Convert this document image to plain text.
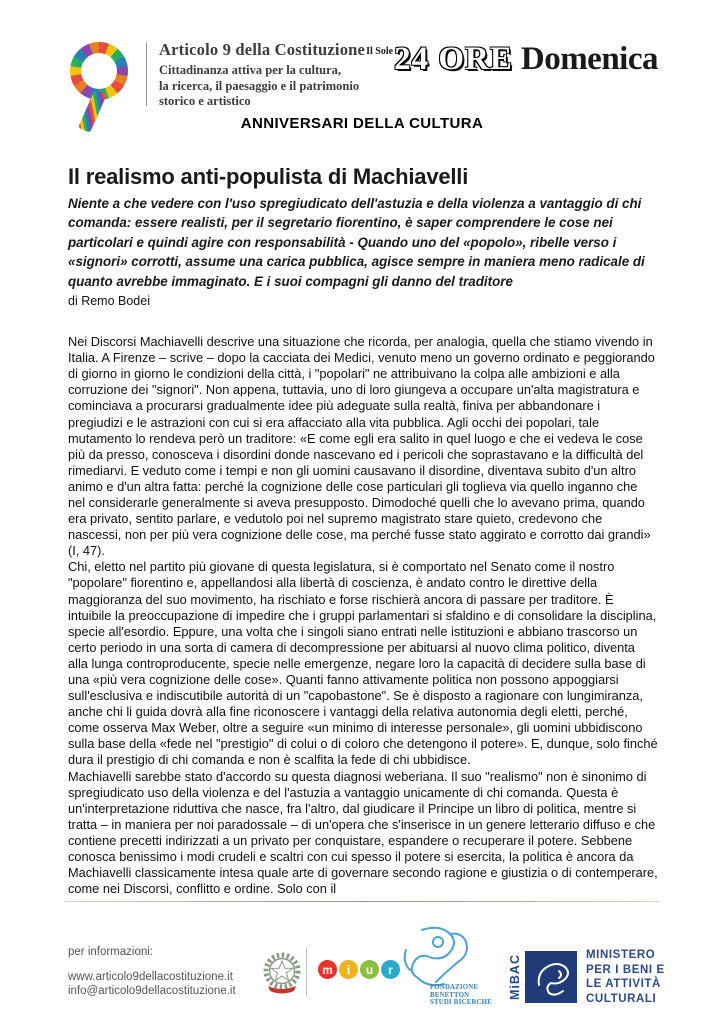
Articolo 9 della Costituzione
Cittadinanza attiva per la cultura,
la ricerca, il paesaggio e il patrimonio
storico e artistico
Il Sole 24 ORE Domenica
ANNIVERSARI DELLA CULTURA
Il realismo anti-populista di Machiavelli
Niente a che vedere con l'uso spregiudicato dell'astuzia e della violenza a vantaggio di chi comanda: essere realisti, per il segretario fiorentino, è saper comprendere le cose nei particolari e quindi agire con responsabilità - Quando uno del «popolo», ribelle verso i «signori» corrotti, assume una carica pubblica, agisce sempre in maniera meno radicale di quanto avrebbe immaginato. E i suoi compagni gli danno del traditore
di Remo Bodei

Nei Discorsi Machiavelli descrive una situazione che ricorda, per analogia, quella che stiamo vivendo in Italia. A Firenze – scrive – dopo la cacciata dei Medici, venuto meno un governo ordinato e peggiorando di giorno in giorno le condizioni della città, i "popolari" ne attribuivano la colpa alle ambizioni e alla corruzione dei "signori". Non appena, tuttavia, uno di loro giungeva a occupare un'alta magistratura e cominciava a procurarsi gradualmente idee più adeguate sulla realtà, finiva per abbandonare i pregiudizi e le astrazioni con cui si era affacciato alla vita pubblica. Agli occhi dei popolari, tale mutamento lo rendeva però un traditore: «E come egli era salito in quel luogo e che ei vedeva le cose più da presso, conosceva i disordini donde nascevano ed i pericoli che soprastavano e la difficultà del rimediarvi. E veduto come i tempi e non gli uomini causavano il disordine, diventava subito d'un altro animo e d'un altra fatta: perché la cognizione delle cose particulari gli toglieva via quello inganno che nel considerarle generalmente si aveva presupposto. Dimodoché quelli che lo avevano prima, quando era privato, sentito parlare, e vedutolo poi nel supremo magistrato stare quieto, credevono che nascessi, non per più vera cognizione delle cose, ma perché fusse stato aggirato e corrotto dai grandi» (I, 47).

Chi, eletto nel partito più giovane di questa legislatura, si è comportato nel Senato come il nostro "popolare" fiorentino e, appellandosi alla libertà di coscienza, è andato contro le direttive della maggioranza del suo movimento, ha rischiato e forse rischierà ancora di passare per traditore. È intuibile la preoccupazione di impedire che i gruppi parlamentari si sfaldino e di consolidare la disciplina, specie all'esordio. Eppure, una volta che i singoli siano entrati nelle istituzioni e abbiano trascorso un certo periodo in una sorta di camera di decompressione per abituarsi al nuovo clima politico, diventa alla lunga controproducente, specie nelle emergenze, negare loro la capacità di decidere sulla base di una «più vera cognizione delle cose». Quanti fanno attivamente politica non possono appoggiarsi sull'esclusiva e indiscutibile autorità di un "capobastone". Se è disposto a ragionare con lungimiranza, anche chi li guida dovrà alla fine riconoscere i vantaggi della relativa autonomia degli eletti, perché, come osserva Max Weber, oltre a seguire «un minimo di interesse personale», gli uomini ubbidiscono sulla base della «fede nel "prestigio" di colui o di coloro che detengono il potere». E, dunque, solo finché dura il prestigio di chi comanda e non è scalfita la fede di chi ubbidisce.

Machiavelli sarebbe stato d'accordo su questa diagnosi weberiana. Il suo "realismo" non è sinonimo di spregiudicato uso della violenza e del l'astuzia a vantaggio unicamente di chi comanda. Questa è un'interpretazione riduttiva che nasce, fra l'altro, dal giudicare il Principe un libro di politica, mentre si tratta – in maniera per noi paradossale – di un'opera che s'inserisce in un genere letterario diffuso e che contiene precetti indirizzati a un privato per conquistare, espandere o recuperare il potere. Sebbene conosca benissimo i modi crudeli e scaltri con cui spesso il potere si esercita, la politica è ancora da Machiavelli classicamente intesa quale arte di governare secondo ragione e giustizia o di contemperare, come nei Discorsi, conflitto e ordine. Solo con il

per informazioni:
www.articolo9dellacostituzione.it
info@articolo9dellacostituzione.it
m	i	u	r
FONDAZIONE
BENETTON
STUDI RICERCHE
MiBAC	MINISTERO
PER I BENI E
LE ATTIVITÀ
CULTURALI
